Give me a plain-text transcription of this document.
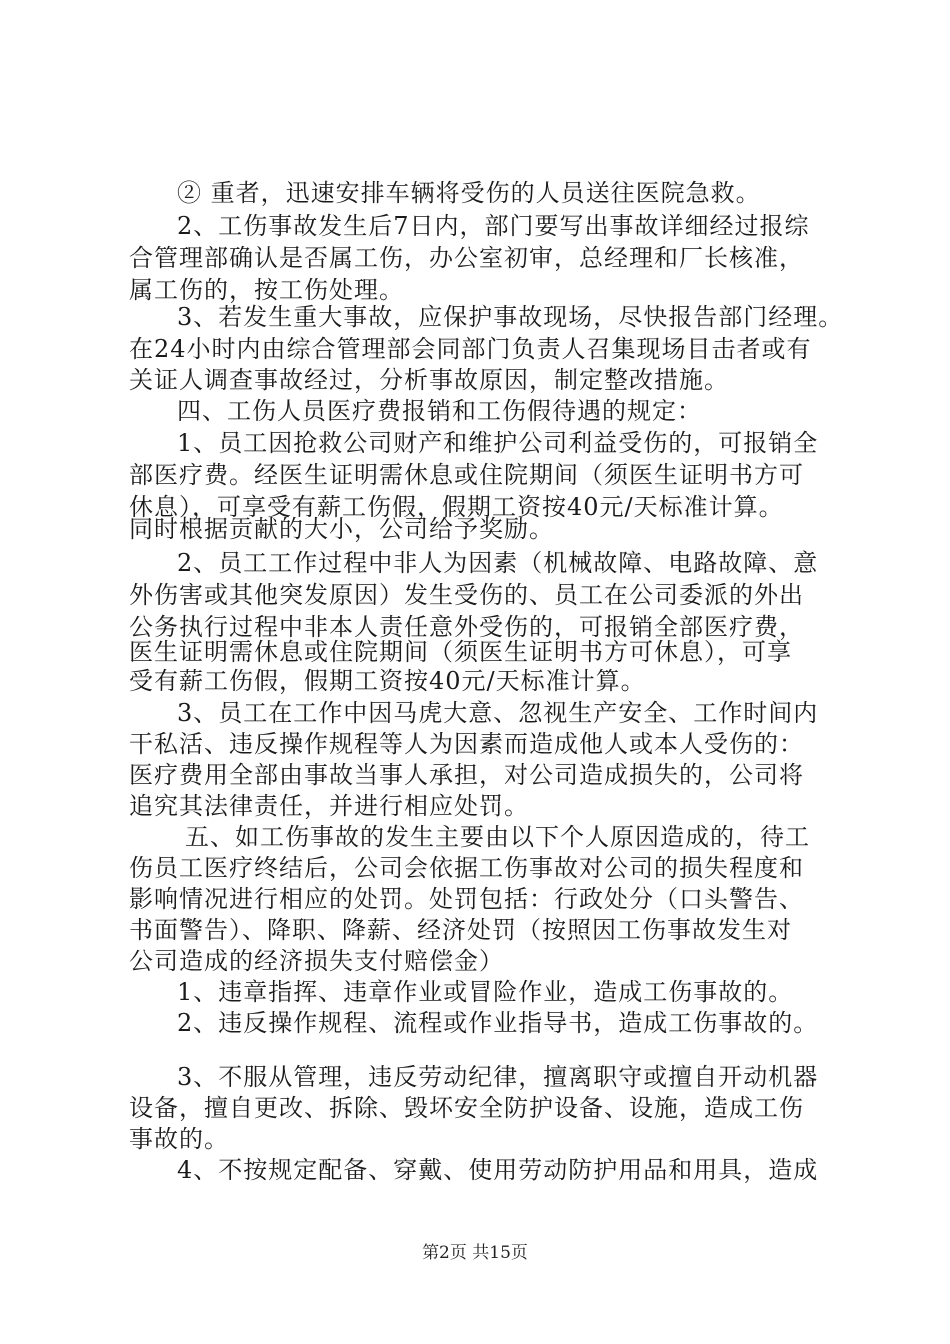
② 重者，迅速安排车辆将受伤的人员送往医院急救。
2、工伤事故发生后7日内，部门要写出事故详细经过报综
合管理部确认是否属工伤，办公室初审，总经理和厂长核准，
属工伤的，按工伤处理。
3、若发生重大事故，应保护事故现场，尽快报告部门经理。
在24小时内由综合管理部会同部门负责人召集现场目击者或有
关证人调查事故经过，分析事故原因，制定整改措施。
四、工伤人员医疗费报销和工伤假待遇的规定：
1、员工因抢救公司财产和维护公司利益受伤的，可报销全
部医疗费。经医生证明需休息或住院期间（须医生证明书方可
休息），可享受有薪工伤假，假期工资按40元/天标准计算。
同时根据贡献的大小，公司给予奖励。
2、员工工作过程中非人为因素（机械故障、电路故障、意
外伤害或其他突发原因）发生受伤的、员工在公司委派的外出
公务执行过程中非本人责任意外受伤的，可报销全部医疗费，
医生证明需休息或住院期间（须医生证明书方可休息），可享
受有薪工伤假，假期工资按40元/天标准计算。
3、员工在工作中因马虎大意、忽视生产安全、工作时间内
干私活、违反操作规程等人为因素而造成他人或本人受伤的：
医疗费用全部由事故当事人承担，对公司造成损失的，公司将
追究其法律责任，并进行相应处罚。
五、如工伤事故的发生主要由以下个人原因造成的，待工
伤员工医疗终结后，公司会依据工伤事故对公司的损失程度和
影响情况进行相应的处罚。处罚包括：行政处分（口头警告、
书面警告）、降职、降薪、经济处罚（按照因工伤事故发生对
公司造成的经济损失支付赔偿金）
1、违章指挥、违章作业或冒险作业，造成工伤事故的。
2、违反操作规程、流程或作业指导书，造成工伤事故的。
3、不服从管理，违反劳动纪律，擅离职守或擅自开动机器
设备，擅自更改、拆除、毁坏安全防护设备、设施，造成工伤
事故的。
4、不按规定配备、穿戴、使用劳动防护用品和用具，造成
第2页 共15页
